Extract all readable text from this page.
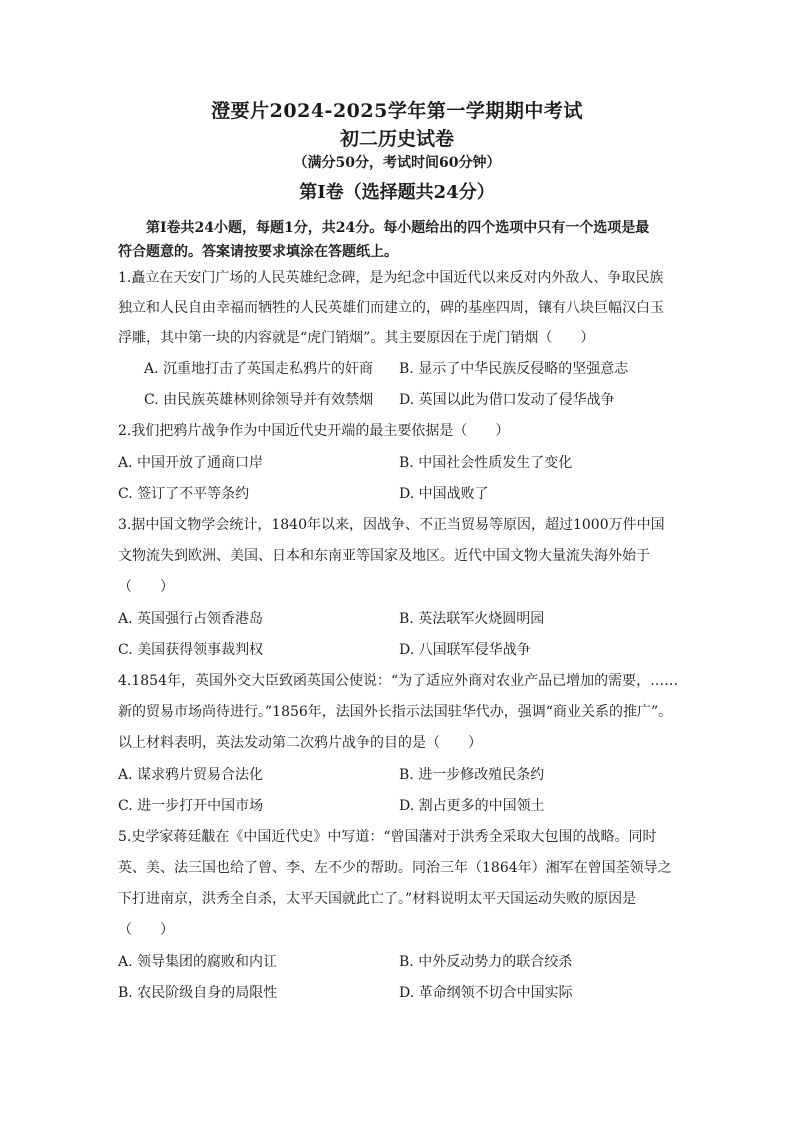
澄要片2024-2025学年第一学期期中考试
初二历史试卷
（满分50分，考试时间60分钟）
第Ⅰ卷（选择题共24分）
第Ⅰ卷共24小题，每题1分，共24分。每小题给出的四个选项中只有一个选项是最
符合题意的。答案请按要求填涂在答题纸上。
1.矗立在天安门广场的人民英雄纪念碑，是为纪念中国近代以来反对内外敌人、争取民族
独立和人民自由幸福而牺牲的人民英雄们而建立的，碑的基座四周，镶有八块巨幅汉白玉
浮雕，其中第一块的内容就是“虎门销烟”。其主要原因在于虎门销烟（　　）
A. 沉重地打击了英国走私鸦片的奸商 B. 显示了中华民族反侵略的坚强意志
C. 由民族英雄林则徐领导并有效禁烟 D. 英国以此为借口发动了侵华战争
2.我们把鸦片战争作为中国近代史开端的最主要依据是（　　）
A. 中国开放了通商口岸	B. 中国社会性质发生了变化
C. 签订了不平等条约	D. 中国战败了
3.据中国文物学会统计，1840年以来，因战争、不正当贸易等原因，超过1000万件中国
文物流失到欧洲、美国、日本和东南亚等国家及地区。近代中国文物大量流失海外始于
（　　）
A. 英国强行占领香港岛	B. 英法联军火烧圆明园
C. 美国获得领事裁判权	D. 八国联军侵华战争
4.1854年，英国外交大臣致函英国公使说：“为了适应外商对农业产品已增加的需要，……
新的贸易市场尚待进行。”1856年，法国外长指示法国驻华代办，强调“商业关系的推广”。
以上材料表明，英法发动第二次鸦片战争的目的是（　　）
A. 谋求鸦片贸易合法化	B. 进一步修改殖民条约
C. 进一步打开中国市场	D. 割占更多的中国领土
5.史学家蒋廷黻在《中国近代史》中写道：“曾国藩对于洪秀全采取大包围的战略。同时
英、美、法三国也给了曾、李、左不少的帮助。同治三年（1864年）湘军在曾国荃领导之
下打进南京，洪秀全自杀，太平天国就此亡了。”材料说明太平天国运动失败的原因是
（　　）
A. 领导集团的腐败和内讧	B. 中外反动势力的联合绞杀
B. 农民阶级自身的局限性	D. 革命纲领不切合中国实际
